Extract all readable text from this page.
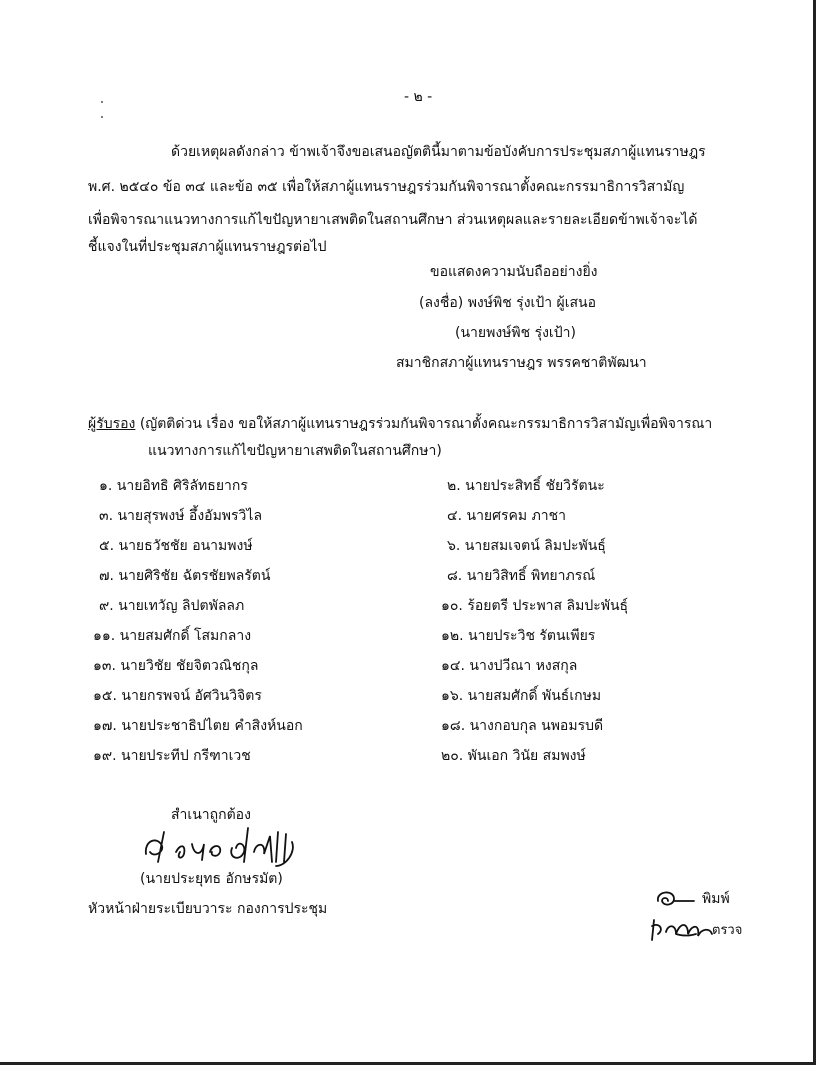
- ๒ -
ด้วยเหตุผลดังกล่าว ข้าพเจ้าจึงขอเสนอญัตตินี้มาตามข้อบังคับการประชุมสภาผู้แทนราษฎร
พ.ศ. ๒๕๔๐ ข้อ ๓๔ และข้อ ๓๕ เพื่อให้สภาผู้แทนราษฎรร่วมกันพิจารณาตั้งคณะกรรมาธิการวิสามัญ
เพื่อพิจารณาแนวทางการแก้ไขปัญหายาเสพติดในสถานศึกษา ส่วนเหตุผลและรายละเอียดข้าพเจ้าจะได้
ชี้แจงในที่ประชุมสภาผู้แทนราษฎรต่อไป
ขอแสดงความนับถืออย่างยิ่ง
(ลงชื่อ) พงษ์พิช รุ่งเป้า ผู้เสนอ
(นายพงษ์พิช รุ่งเป้า)
สมาชิกสภาผู้แทนราษฎร พรรคชาติพัฒนา
ผู้รับรอง (ญัตติด่วน เรื่อง ขอให้สภาผู้แทนราษฎรร่วมกันพิจารณาตั้งคณะกรรมาธิการวิสามัญเพื่อพิจารณา
แนวทางการแก้ไขปัญหายาเสพติดในสถานศึกษา)
๑. นายอิทธิ ศิริลัทธยากร
๓. นายสุรพงษ์ อึ้งอัมพรวิไล
๕. นายธวัชชัย อนามพงษ์
๗. นายศิริชัย ฉัตรชัยพลรัตน์
๙. นายเทวัญ ลิปตพัลลภ
๑๑. นายสมศักดิ์ โสมกลาง
๑๓. นายวิชัย ชัยจิตวณิชกุล
๑๕. นายกรพจน์ อัศวินวิจิตร
๑๗. นายประชาธิปไตย คำสิงห์นอก
๑๙. นายประทีป กรีฑาเวช
๒. นายประสิทธิ์ ชัยวิรัตนะ
๔. นายศรคม ภาชา
๖. นายสมเจตน์ ลิมปะพันธุ์
๘. นายวิสิทธิ์ พิทยาภรณ์
๑๐. ร้อยตรี ประพาส ลิมปะพันธุ์
๑๒. นายประวิช รัตนเพียร
๑๔. นางปวีณา หงสกุล
๑๖. นายสมศักดิ์ พันธ์เกษม
๑๘. นางกอบกุล นพอมรบดี
๒๐. พันเอก วินัย สมพงษ์
สำเนาถูกต้อง
(นายประยุทธ อักษรมัต)
หัวหน้าฝ่ายระเบียบวาระ กองการประชุม
พิมพ์
ตรวจ
